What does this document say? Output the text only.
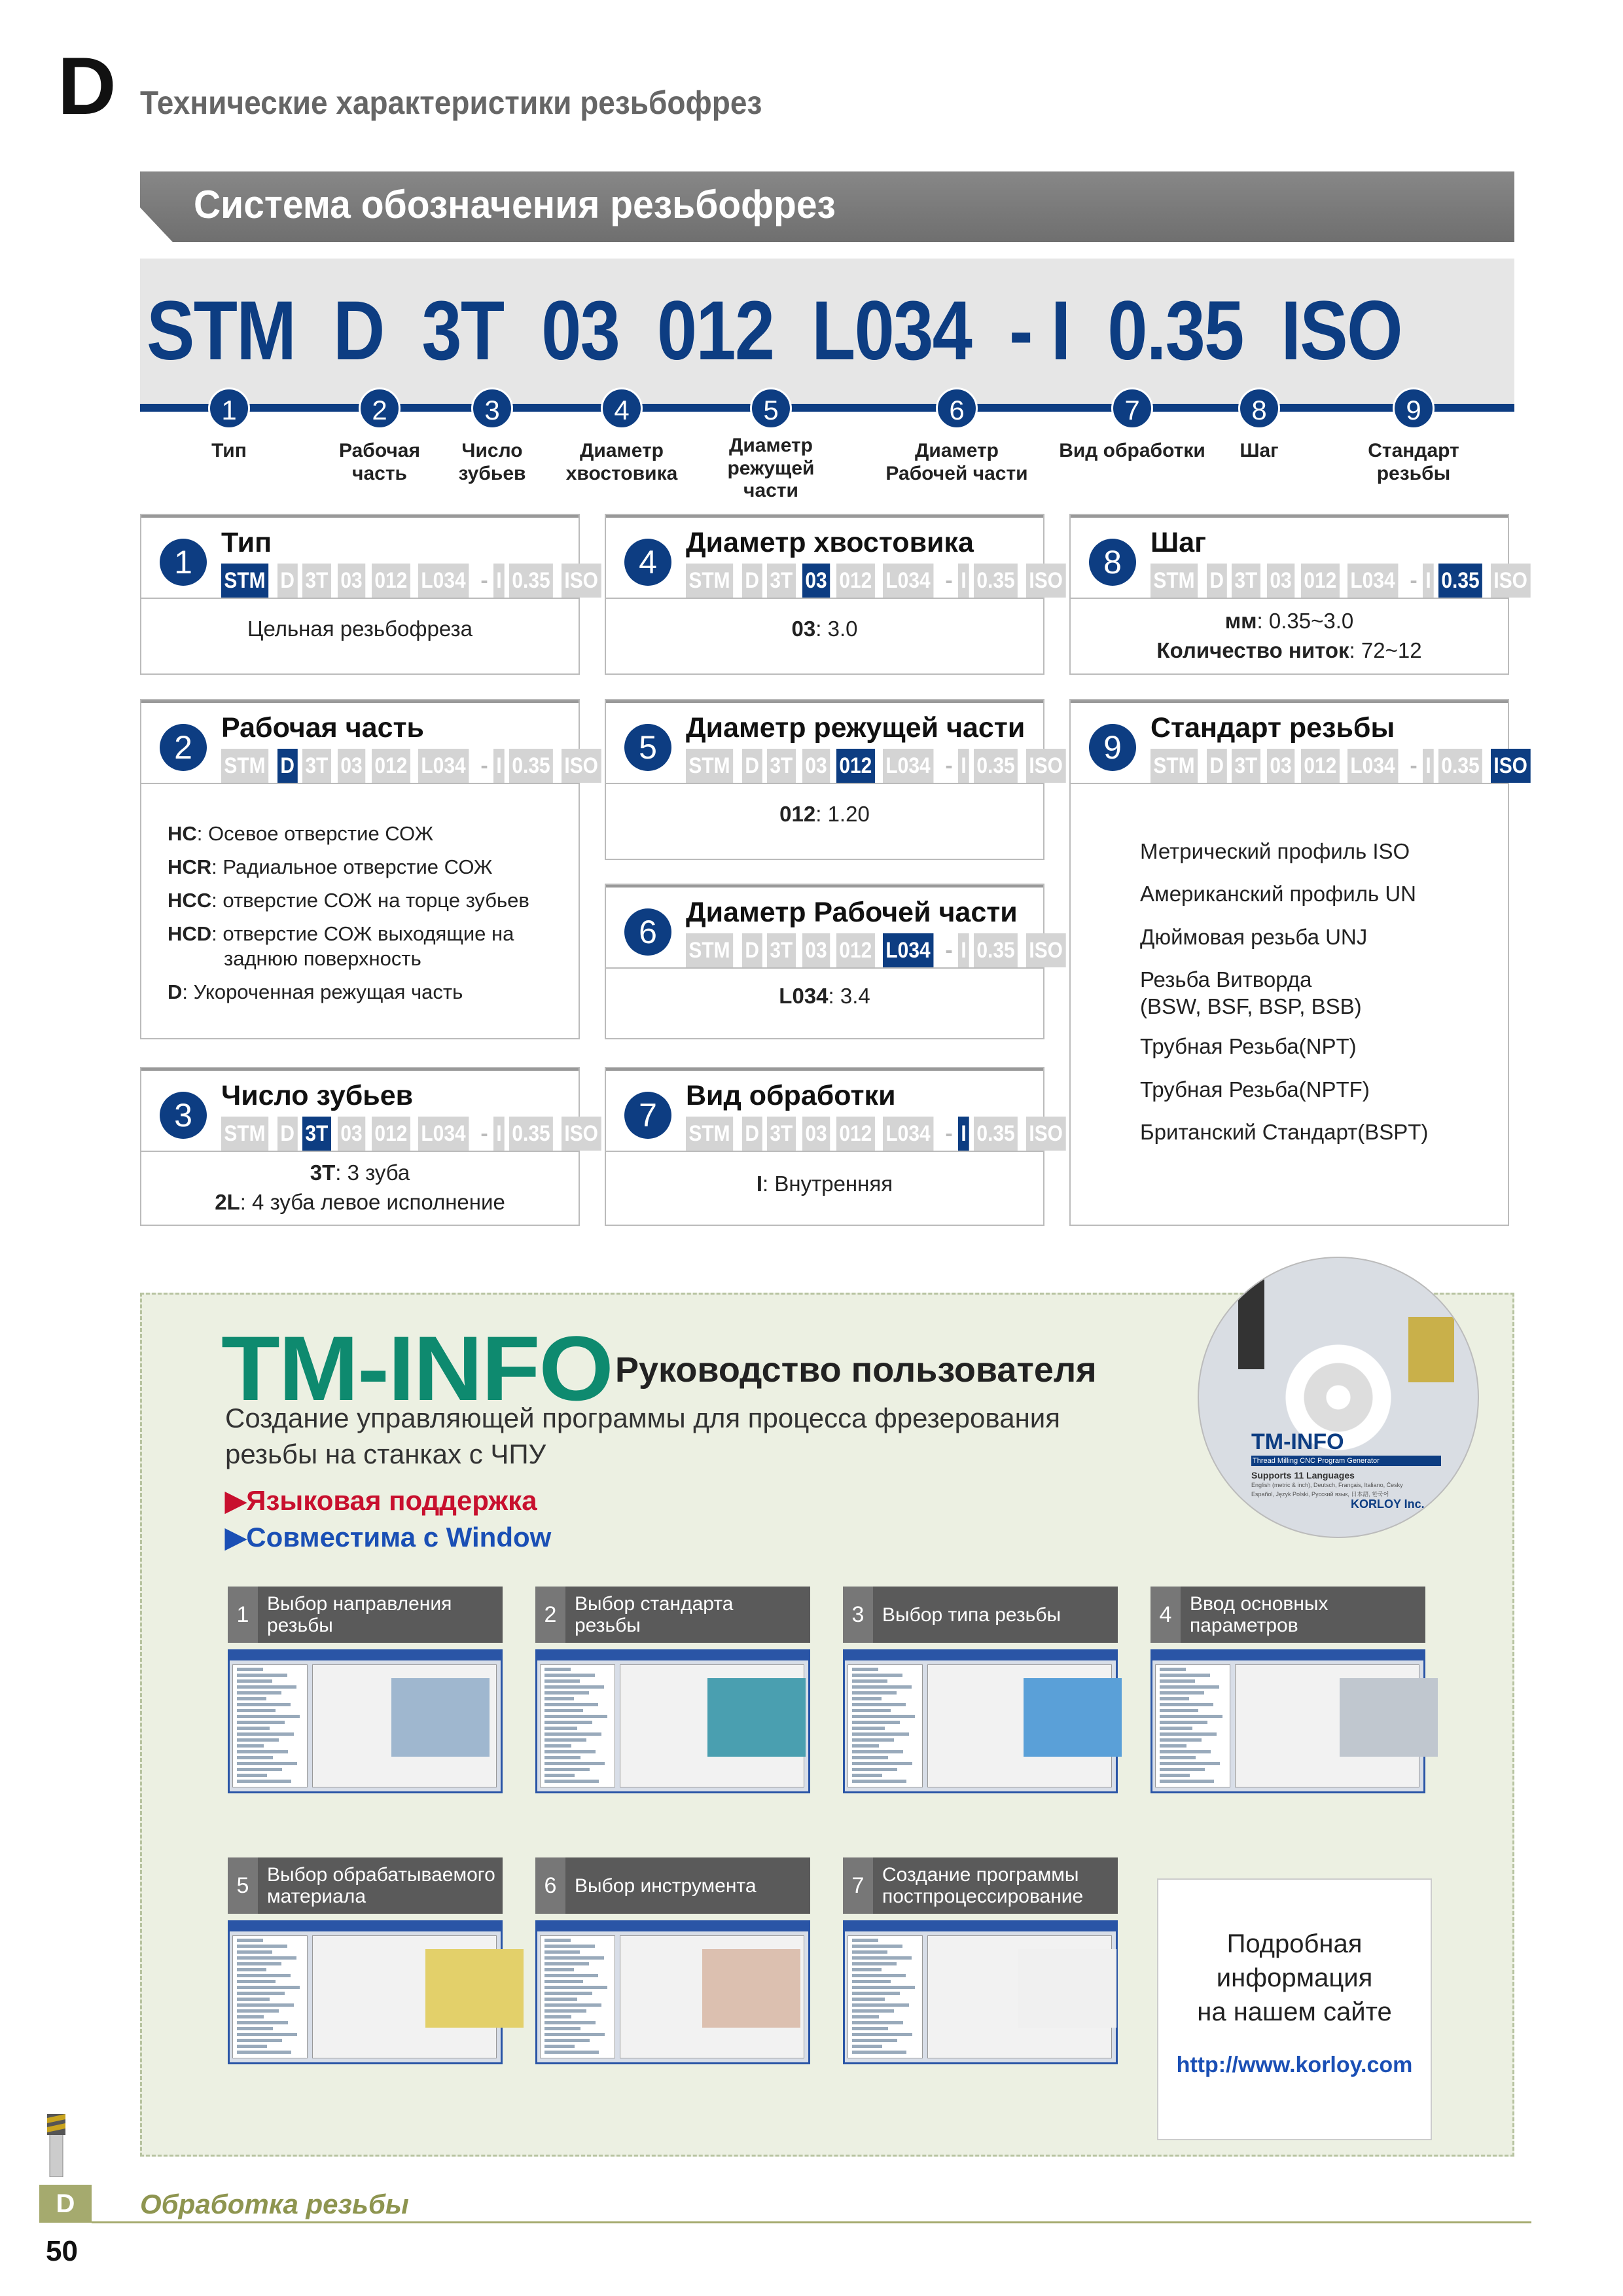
D Технические характеристики резьбофрез
Система обозначения резьбофрез
STM  D  3T  03  012  L034  - I  0.35  ISO
1
Тип
2
Рабочая
часть
3
Число
зубьев
4
Диаметр
хвостовика
5
Диаметр
режущей
части
6
Диаметр
Рабочей части
7
Вид обработки
8
Шаг
9
Стандарт
резьбы
1
Тип
STM D 3T 03 012 L034 - I 0.35 ISO
Цельная резьбофреза
4
Диаметр хвостовика
STM D 3T 03 012 L034 - I 0.35 ISO
03: 3.0
8
Шаг
STM D 3T 03 012 L034 - I 0.35 ISO
мм: 0.35~3.0
Количество ниток: 72~12
2
Рабочая часть
STM D 3T 03 012 L034 - I 0.35 ISO
HC: Осевое отверстие СОЖ
HCR: Радиальное отверстие СОЖ
HCC: отверстие СОЖ на торце зубьев
HCD: отверстие СОЖ выходящие на
заднюю поверхность
D: Укороченная режущая часть
5
Диаметр режущей части
STM D 3T 03 012 L034 - I 0.35 ISO
012: 1.20
9
Стандарт резьбы
STM D 3T 03 012 L034 - I 0.35 ISO
Метрический профиль ISO
Американский профиль UN
Дюймовая резьба UNJ
Резьба Витворда
(BSW, BSF, BSP, BSB)
Трубная Резьба(NPT)
Трубная Резьба(NPTF)
Британский Стандарт(BSPT)
6
Диаметр Рабочей части
STM D 3T 03 012 L034 - I 0.35 ISO
L034: 3.4
3
Число зубьев
STM D 3T 03 012 L034 - I 0.35 ISO
3T: 3 зуба
2L: 4 зуба левое исполнение
7
Вид обработки
STM D 3T 03 012 L034 - I 0.35 ISO
I: Внутренняя
TM-INFO Руководство пользователя
Создание управляющей программы для процесса фрезерования резьбы на станках с ЧПУ
▶Языковая поддержка
▶Совместима с Window
TM-INFO
Thread Milling CNC Program Generator
Supports 11 Languages
English (metric & inch), Deutsch, Français, Italiano, Česky
Español, Język Polski, Русский язык, 日本語, 한국어
KORLOY Inc.
1 Выбор направления
резьбы	2 Выбор стандарта
резьбы	3 Выбор типа резьбы	4 Ввод основных
параметров
5 Выбор обрабатываемого
материала	6 Выбор инструмента	7 Создание программы
постпроцессирование
Подробная
информация
на нашем сайте
http://www.korloy.com
D	Обработка резьбы
50
